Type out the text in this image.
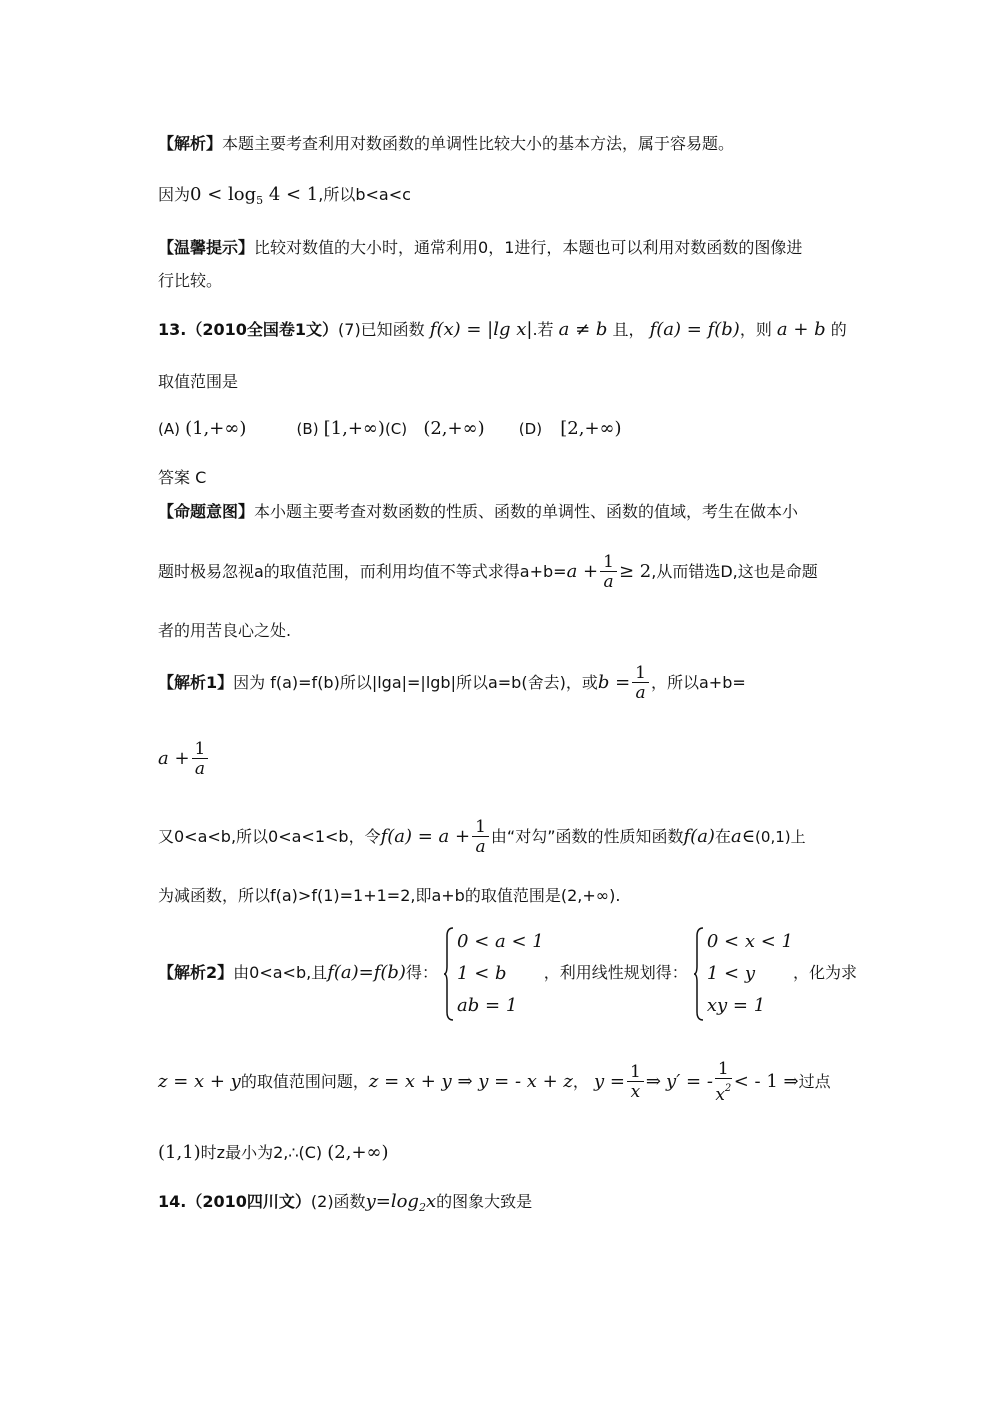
【解析】本题主要考查利用对数函数的单调性比较大小的基本方法，属于容易题。
因为$0 < \log_5 4 < 1$,所以b<a<c
【温馨提示】比较对数值的大小时，通常利用0，1进行，本题也可以利用对数函数的图像进
行比较。
13.（2010全国卷1文）(7)已知函数 f(x) = |lg x|.若 a ≠ b 且， f(a) = f(b)，则 a + b 的
取值范围是
(A) (1,+∞)	(B) [1,+∞)(C) (2,+∞) (D) [2,+∞)
答案 C
【命题意图】本小题主要考查对数函数的性质、函数的单调性、函数的值域，考生在做本小
题时极易忽视a的取值范围，而利用均值不等式求得$a+b=a + \frac{1}{a} \ge 2$,从而错选D,这也是命题
者的用苦良心之处.
【解析1】因为 f(a)=f(b)所以|lga|=|lgb|所以a=b(舍去)，或$b = \frac{1}{a}$ ，所以a+b=
$a + \frac{1}{a}$
又0<a<b,所以0<a<1<b，令$f(a) = a + \frac{1}{a}$ 由“对勾”函数的性质知函数f(a)在a∈(0,1)上
为减函数，所以f(a)>f(1)=1+1=2,即a+b的取值范围是(2,+∞).
【解析2】由0<a<b,且f(a)=f(b)得：
0 < a < 1
1 < b
ab = 1
，利用线性规划得：
0 < x < 1
1 < y
xy = 1
，化为求
z = x + y的取值范围问题，z = x + y ⇒ y = - x + z， $y = \frac{1}{x}$ ⇒ y′ = - $\frac{1}{x^2}$ < - 1 ⇒过点
(1,1)时z最小为2,∴(C) (2,+∞)
14.（2010四川文）(2)函数$y=\log_2x$的图象大致是
